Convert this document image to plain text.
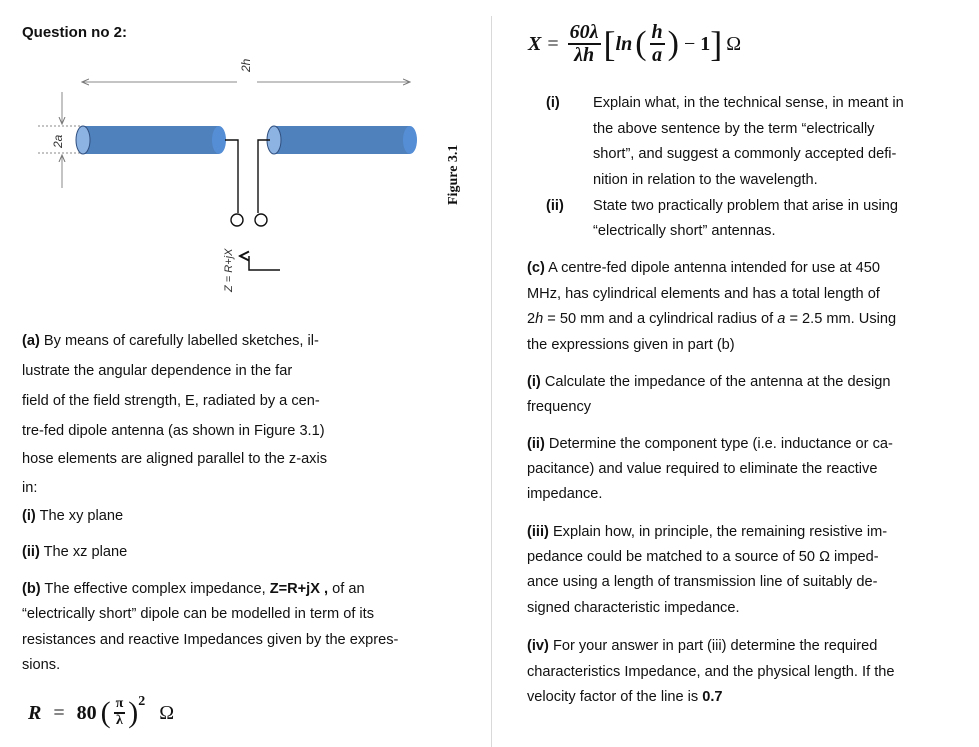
Question no 2:
2h
2a
Z = R+jX
Figure 3.1
(a) By means of carefully labelled sketches, il-
lustrate the angular dependence in the far
field of the field strength, E, radiated by a cen-
tre-fed dipole antenna (as shown in Figure 3.1)
hose elements are aligned parallel to the z-axis
in:
(i) The xy plane
(ii) The xz plane
(b) The effective complex impedance, Z=R+jX , of an
“electrically short” dipole can be modelled in term of its
resistances and reactive Impedances given by the expres-
sions.
R = 80 ( $\frac{\pi}{\lambda}$ ) 2 Ω
$X = \frac{60\lambda}{\lambda h}$ [ ln ( $\frac{h}{a}$ ) − 1 ] Ω
(i) Explain what, in the technical sense, in meant in
the above sentence by the term “electrically
short”, and suggest a commonly accepted defi-
nition in relation to the wavelength.
(ii) State two practically problem that arise in using
“electrically short” antennas.
(c) A centre-fed dipole antenna intended for use at 450
MHz, has cylindrical elements and has a total length of
2h = 50 mm and a cylindrical radius of a = 2.5 mm. Using
the expressions given in part (b)
(i) Calculate the impedance of the antenna at the design
frequency
(ii) Determine the component type (i.e. inductance or ca-
pacitance) and value required to eliminate the reactive
impedance.
(iii) Explain how, in principle, the remaining resistive im-
pedance could be matched to a source of 50 Ω imped-
ance using a length of transmission line of suitably de-
signed characteristic impedance.
(iv) For your answer in part (iii) determine the required
characteristics Impedance, and the physical length. If the
velocity factor of the line is 0.7
